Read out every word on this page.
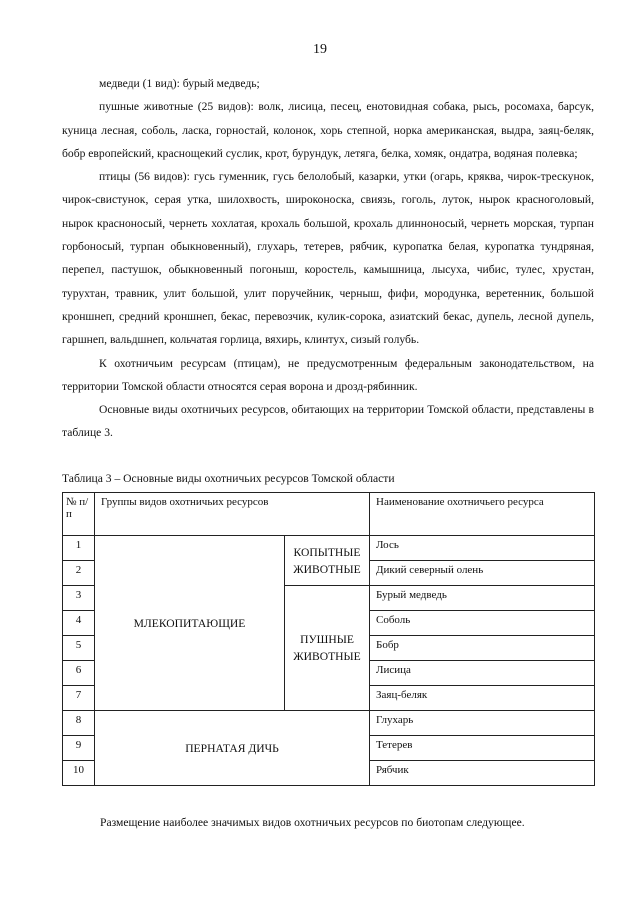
19

медведи (1 вид): бурый медведь;

пушные животные (25 видов): волк, лисица, песец, енотовидная собака, рысь, росомаха, барсук, куница лесная, соболь, ласка, горностай, колонок, хорь степной, норка американская, выдра, заяц-беляк, бобр европейский, краснощекий суслик, крот, бурундук, летяга, белка, хомяк, ондатра, водяная полевка;

птицы (56 видов): гусь гуменник, гусь белолобый, казарки, утки (огарь, кряква, чирок-трескунок, чирок-свистунок, серая утка, шилохвость, широконоска, свиязь, гоголь, луток, нырок красноголовый, нырок красноносый, чернеть хохлатая, крохаль большой, крохаль длинноносый, чернеть морская, турпан горбоносый, турпан обыкновенный), глухарь, тетерев, рябчик, куропатка белая, куропатка тундряная, перепел, пастушок, обыкновенный погоныш, коростель, камышница, лысуха, чибис, тулес, хрустан, турухтан, травник, улит большой, улит поручейник, черныш, фифи, мородунка, веретенник, большой кроншнеп, средний кроншнеп, бекас, перевозчик, кулик-сорока, азиатский бекас, дупель, лесной дупель, гаршнеп, вальдшнеп, кольчатая горлица, вяхирь, клинтух, сизый голубь.

К охотничьим ресурсам (птицам), не предусмотренным федеральным законодательством, на территории Томской области относятся серая ворона и дрозд-рябинник.

Основные виды охотничьих ресурсов, обитающих на территории Томской области, представлены в таблице 3.

Таблица 3 – Основные виды охотничьих ресурсов Томской области
№ п/п	Группы видов охотничьих ресурсов		Наименование охотничьего ресурса
1	МЛЕКОПИТАЮЩИЕ	КОПЫТНЫЕ ЖИВОТНЫЕ	Лось
2			Дикий северный олень
3		ПУШНЫЕ ЖИВОТНЫЕ	Бурый медведь
4			Соболь
5			Бобр
6			Лисица
7			Заяц-беляк
8	ПЕРНАТАЯ ДИЧЬ		Глухарь
9			Тетерев
10			Рябчик
Размещение наиболее значимых видов охотничьих ресурсов по биотопам следующее.
